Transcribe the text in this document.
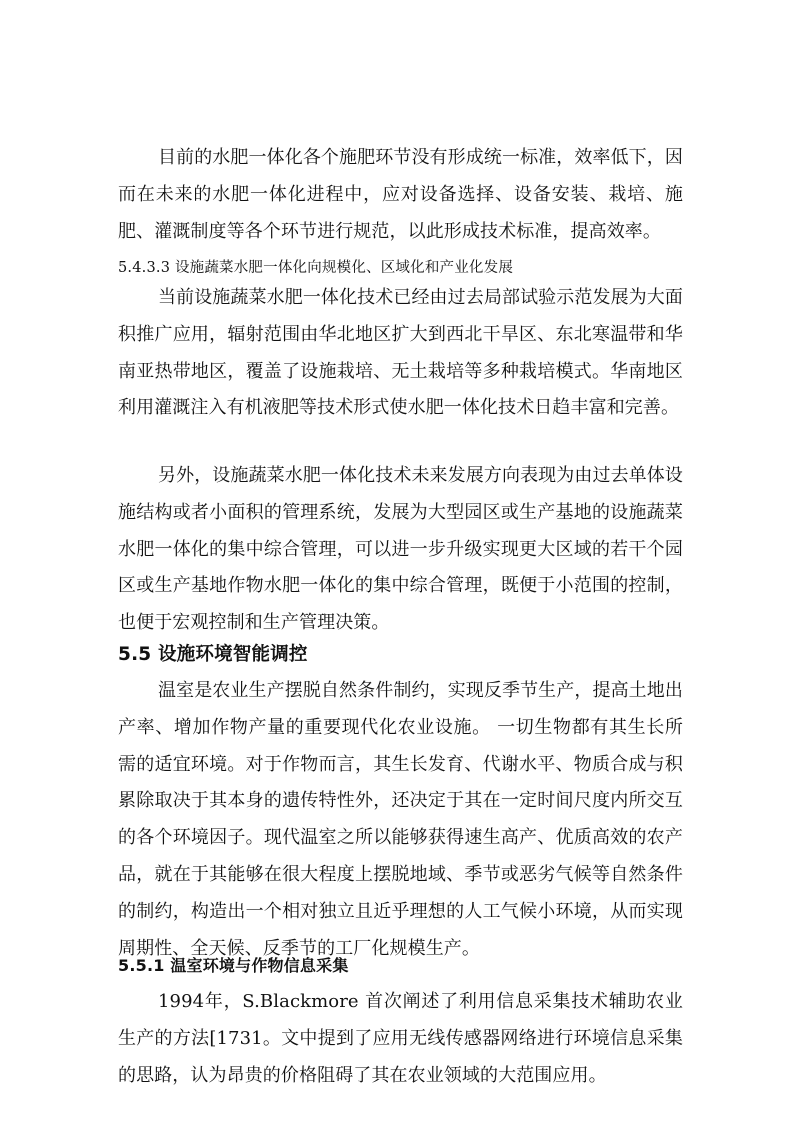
目前的水肥一体化各个施肥环节没有形成统一标准，效率低下，因而在未来的水肥一体化进程中，应对设备选择、设备安装、栽培、施肥、灌溉制度等各个环节进行规范，以此形成技术标准，提高效率。

5.4.3.3 设施蔬菜水肥一体化向规模化、区域化和产业化发展

当前设施蔬菜水肥一体化技术已经由过去局部试验示范发展为大面积推广应用，辐射范围由华北地区扩大到西北干旱区、东北寒温带和华南亚热带地区，覆盖了设施栽培、无土栽培等多种栽培模式。华南地区利用灌溉注入有机液肥等技术形式使水肥一体化技术日趋丰富和完善。

另外，设施蔬菜水肥一体化技术未来发展方向表现为由过去单体设施结构或者小面积的管理系统，发展为大型园区或生产基地的设施蔬菜水肥一体化的集中综合管理，可以进一步升级实现更大区域的若干个园区或生产基地作物水肥一体化的集中综合管理，既便于小范围的控制，也便于宏观控制和生产管理决策。

5.5 设施环境智能调控

温室是农业生产摆脱自然条件制约，实现反季节生产，提高土地出产率、增加作物产量的重要现代化农业设施。 一切生物都有其生长所需的适宜环境。对于作物而言，其生长发育、代谢水平、物质合成与积累除取决于其本身的遗传特性外，还决定于其在一定时间尺度内所交互的各个环境因子。现代温室之所以能够获得速生高产、优质高效的农产品，就在于其能够在很大程度上摆脱地域、季节或恶劣气候等自然条件的制约，构造出一个相对独立且近乎理想的人工气候小环境，从而实现周期性、全天候、反季节的工厂化规模生产。

5.5.1 温室环境与作物信息采集

1994年，S.Blackmore 首次阐述了利用信息采集技术辅助农业生产的方法[1731。文中提到了应用无线传感器网络进行环境信息采集的思路，认为昂贵的价格阻碍了其在农业领域的大范围应用。
